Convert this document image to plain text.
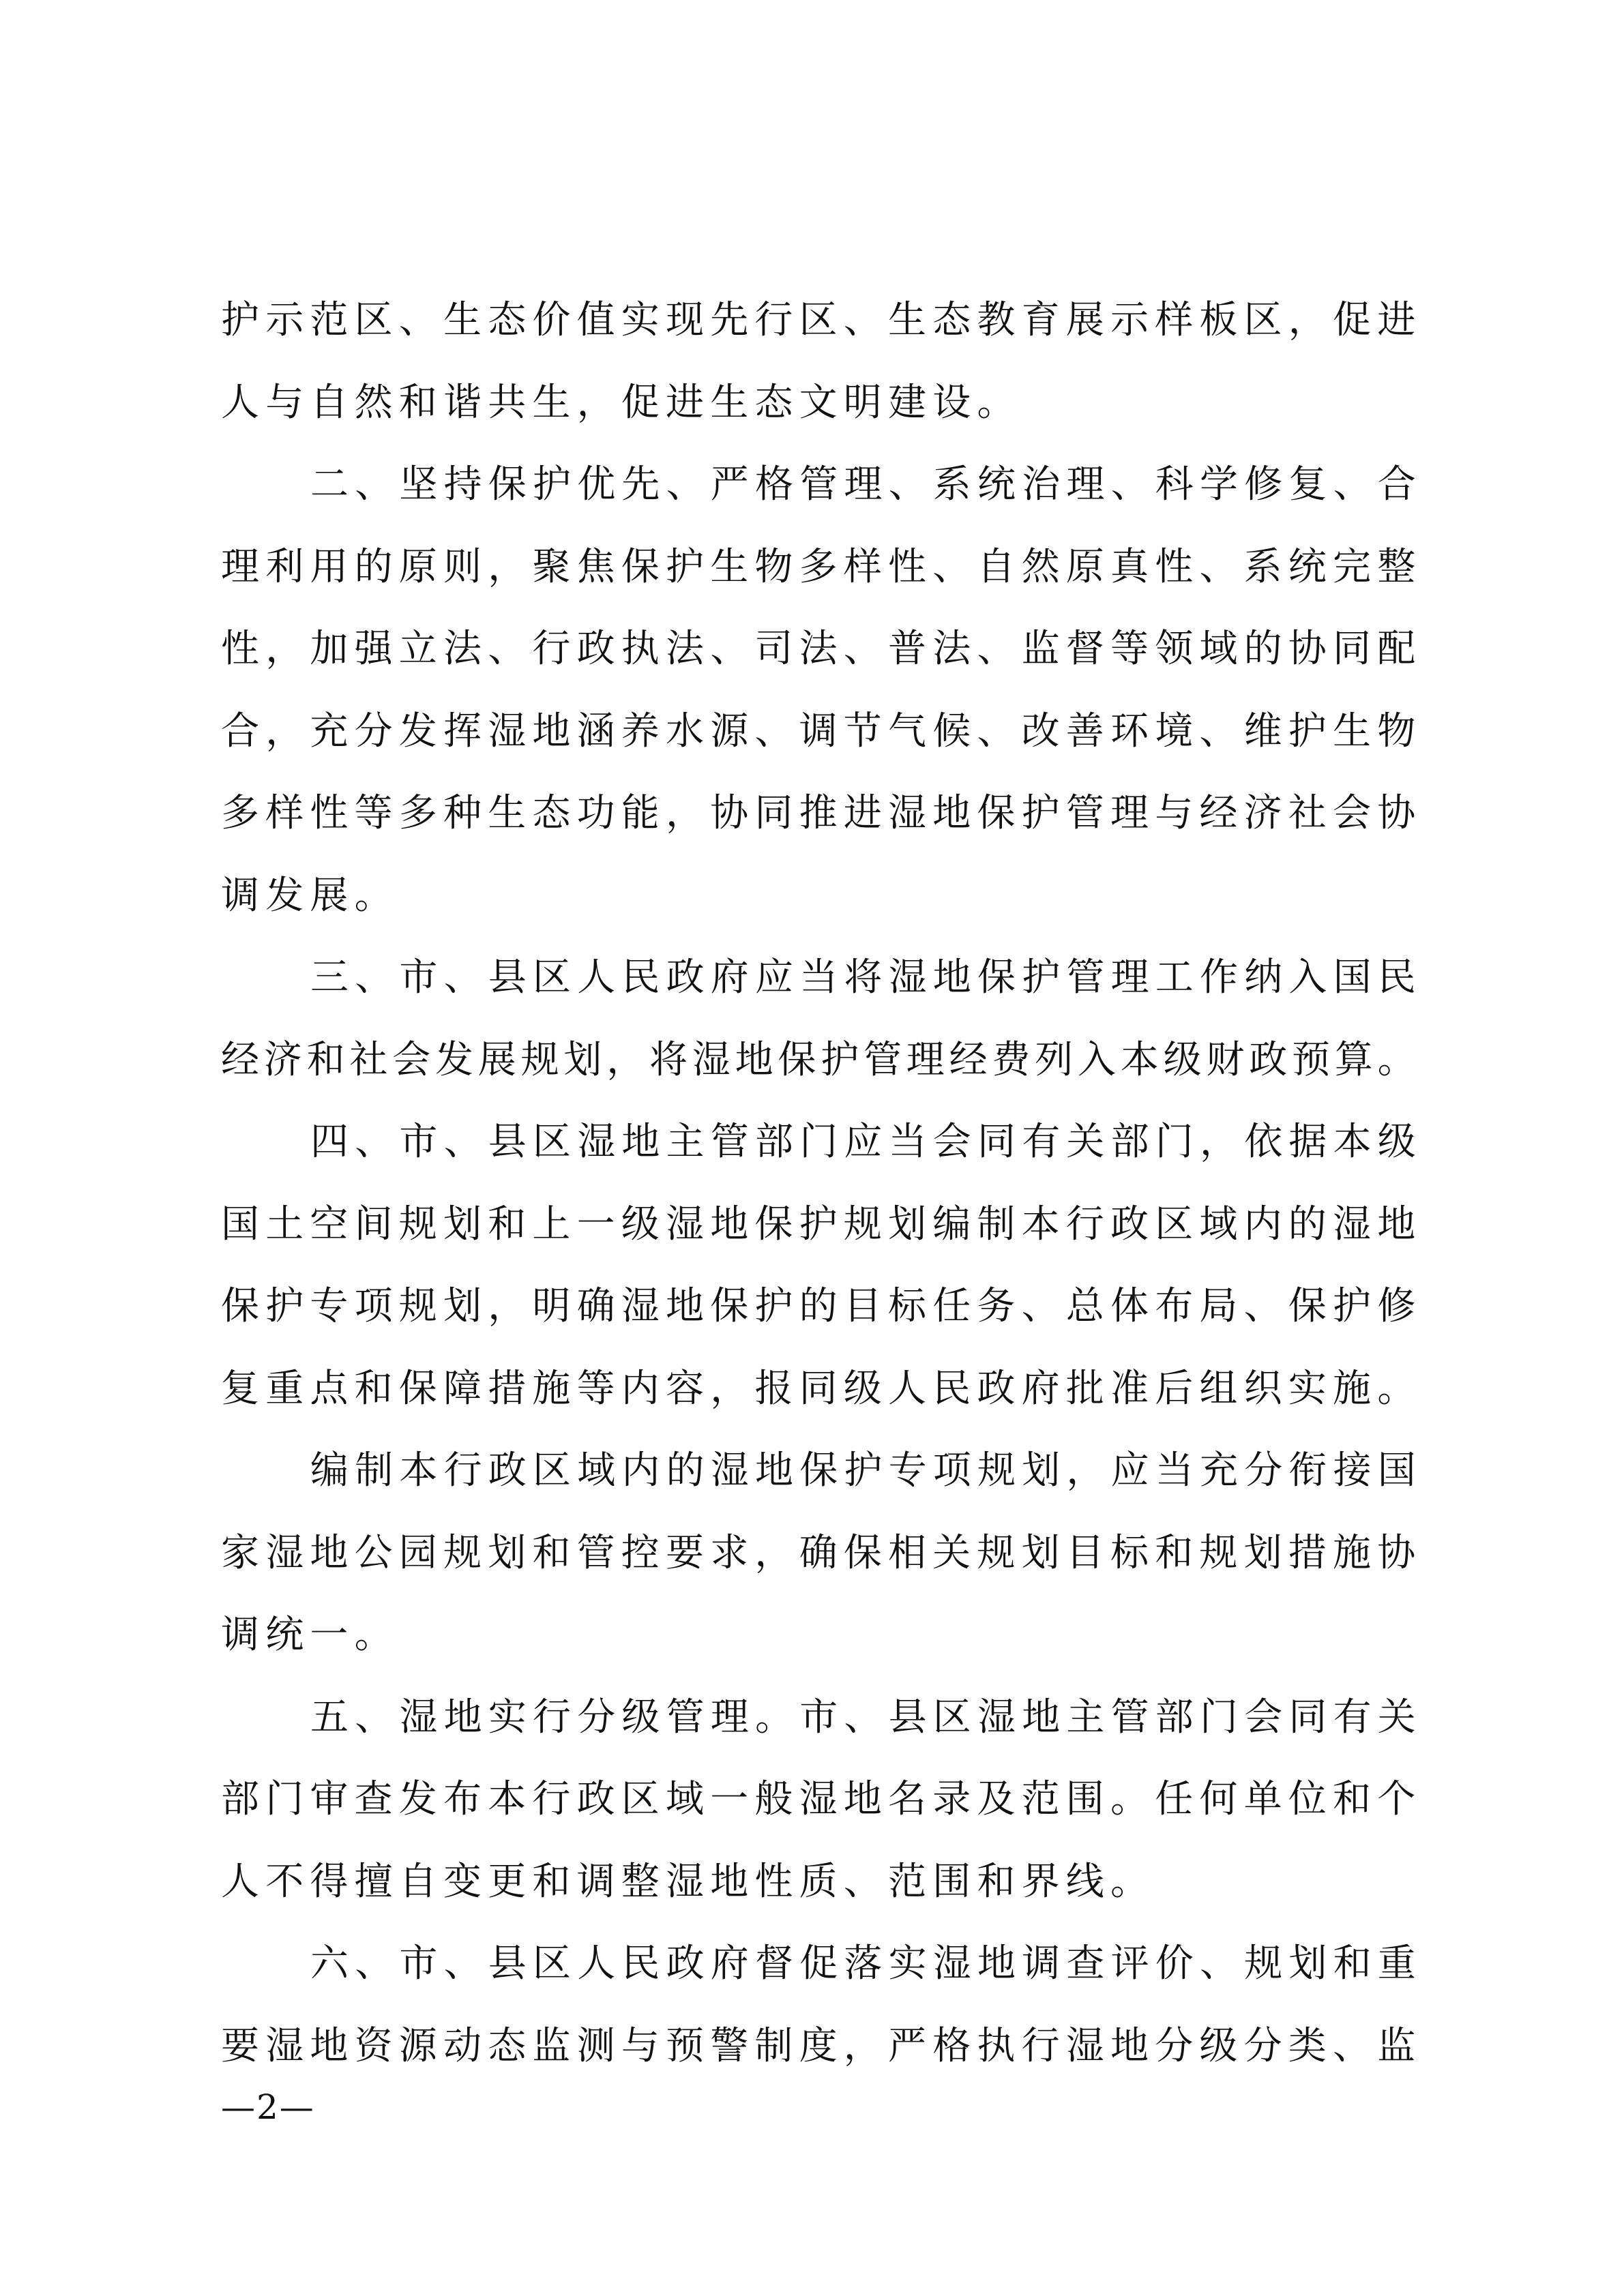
护示范区、生态价值实现先行区、生态教育展示样板区，促进
人与自然和谐共生，促进生态文明建设。
二、坚持保护优先、严格管理、系统治理、科学修复、合
理利用的原则，聚焦保护生物多样性、自然原真性、系统完整
性，加强立法、行政执法、司法、普法、监督等领域的协同配
合，充分发挥湿地涵养水源、调节气候、改善环境、维护生物
多样性等多种生态功能，协同推进湿地保护管理与经济社会协
调发展。
三、市、县区人民政府应当将湿地保护管理工作纳入国民
经济和社会发展规划，将湿地保护管理经费列入本级财政预算。
四、市、县区湿地主管部门应当会同有关部门，依据本级
国土空间规划和上一级湿地保护规划编制本行政区域内的湿地
保护专项规划，明确湿地保护的目标任务、总体布局、保护修
复重点和保障措施等内容，报同级人民政府批准后组织实施。
编制本行政区域内的湿地保护专项规划，应当充分衔接国
家湿地公园规划和管控要求，确保相关规划目标和规划措施协
调统一。
五、湿地实行分级管理。市、县区湿地主管部门会同有关
部门审查发布本行政区域一般湿地名录及范围。任何单位和个
人不得擅自变更和调整湿地性质、范围和界线。
六、市、县区人民政府督促落实湿地调查评价、规划和重
要湿地资源动态监测与预警制度，严格执行湿地分级分类、监
—2—
